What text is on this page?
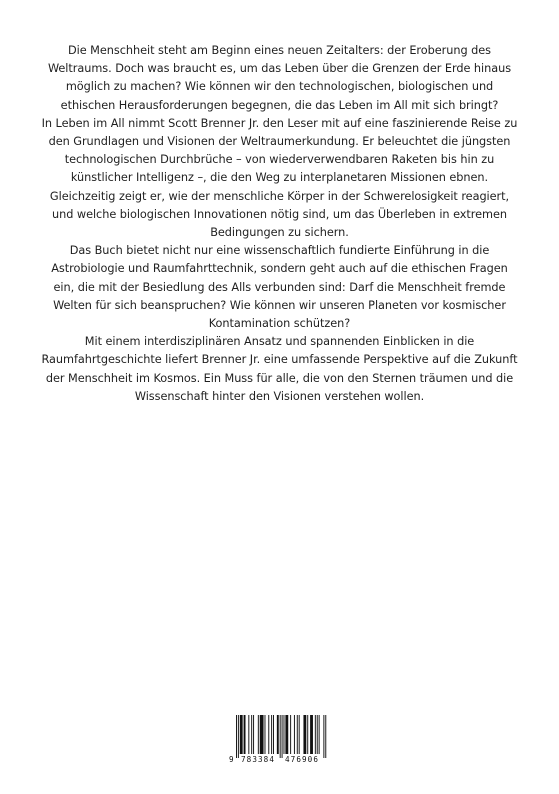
Die Menschheit steht am Beginn eines neuen Zeitalters: der Eroberung des Weltraums. Doch was braucht es, um das Leben über die Grenzen der Erde hinaus möglich zu machen? Wie können wir den technologischen, biologischen und ethischen Herausforderungen begegnen, die das Leben im All mit sich bringt?

In Leben im All nimmt Scott Brenner Jr. den Leser mit auf eine faszinierende Reise zu den Grundlagen und Visionen der Weltraumerkundung. Er beleuchtet die jüngsten technologischen Durchbrüche – von wiederverwendbaren Raketen bis hin zu künstlicher Intelligenz –, die den Weg zu interplanetaren Missionen ebnen. Gleichzeitig zeigt er, wie der menschliche Körper in der Schwerelosigkeit reagiert, und welche biologischen Innovationen nötig sind, um das Überleben in extremen Bedingungen zu sichern.

Das Buch bietet nicht nur eine wissenschaftlich fundierte Einführung in die Astrobiologie und Raumfahrttechnik, sondern geht auch auf die ethischen Fragen ein, die mit der Besiedlung des Alls verbunden sind: Darf die Menschheit fremde Welten für sich beanspruchen? Wie können wir unseren Planeten vor kosmischer Kontamination schützen?

Mit einem interdisziplinären Ansatz und spannenden Einblicken in die Raumfahrtgeschichte liefert Brenner Jr. eine umfassende Perspektive auf die Zukunft der Menschheit im Kosmos. Ein Muss für alle, die von den Sternen träumen und die Wissenschaft hinter den Visionen verstehen wollen.

9 783384 476906
